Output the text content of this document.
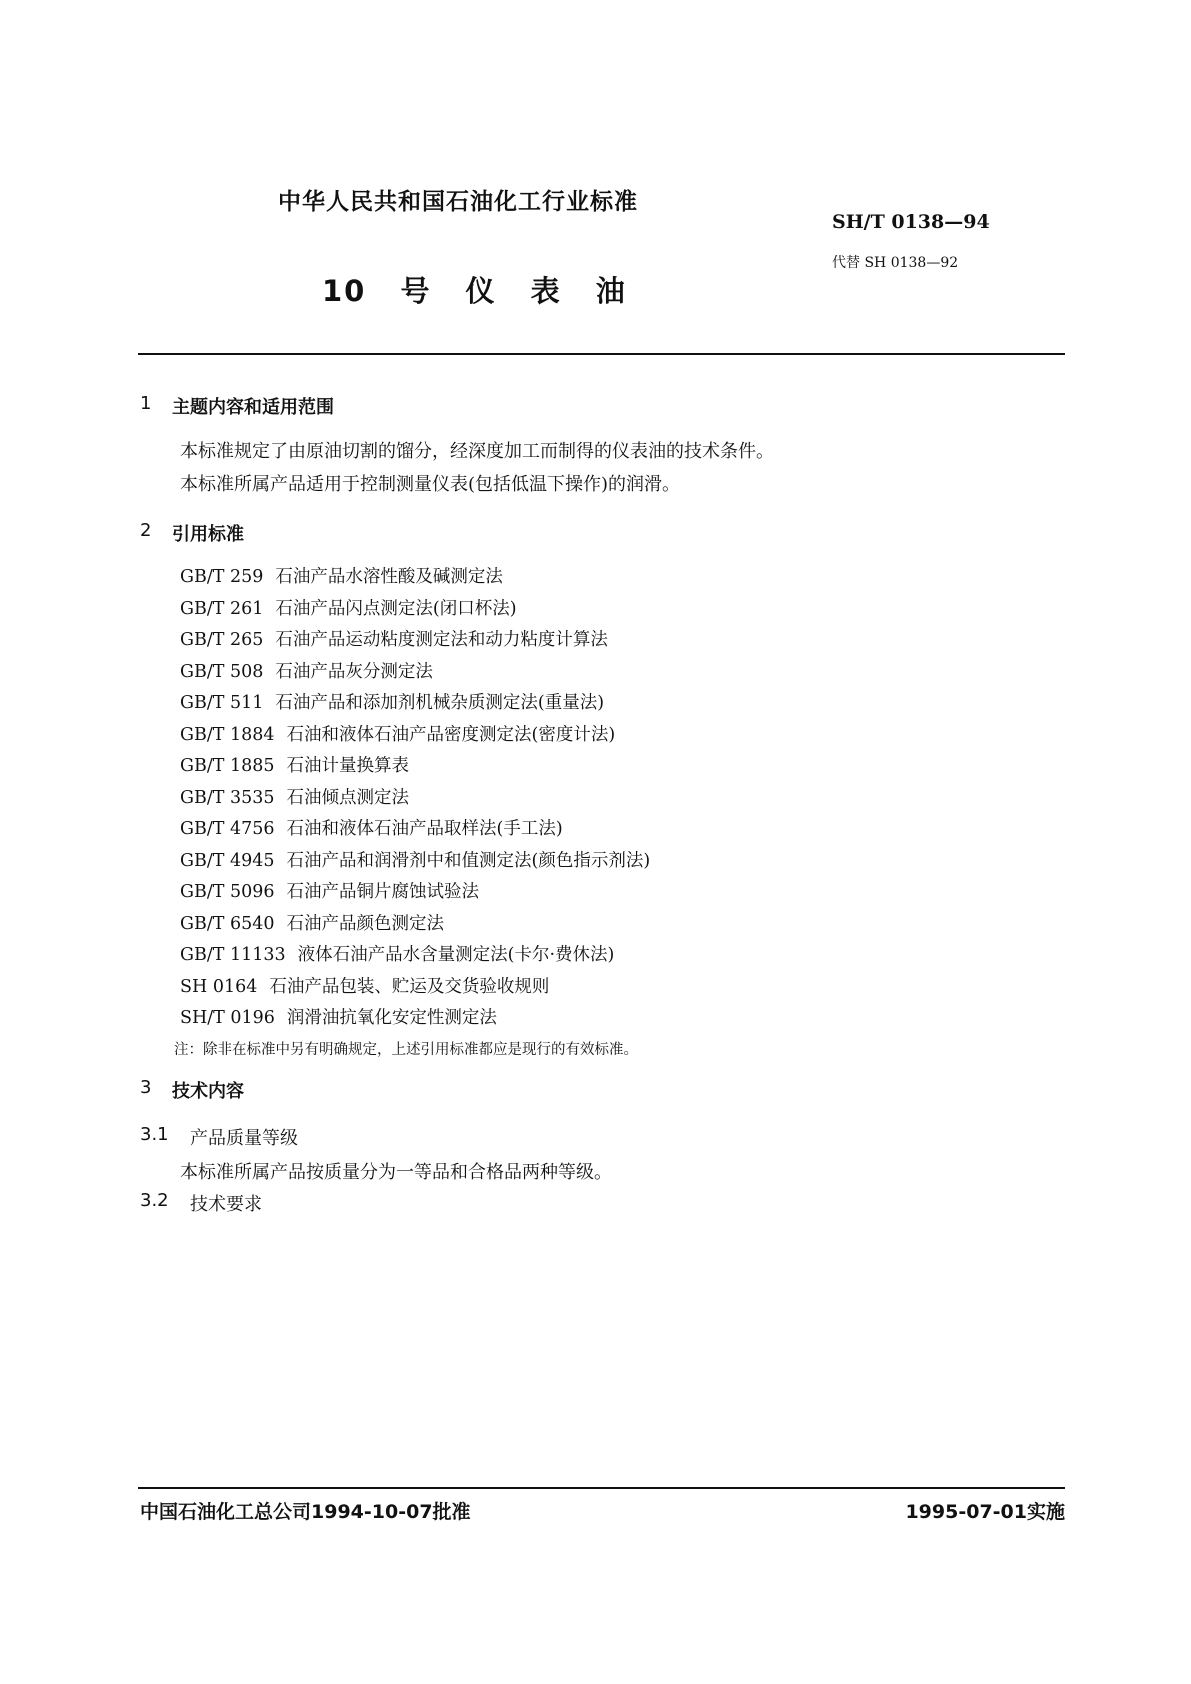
中华人民共和国石油化工行业标准
SH/T 0138—94
代替 SH 0138—92
10 号 仪 表 油
1 主题内容和适用范围
本标准规定了由原油切割的馏分，经深度加工而制得的仪表油的技术条件。
本标准所属产品适用于控制测量仪表(包括低温下操作)的润滑。
2 引用标准
GB/T 259 石油产品水溶性酸及碱测定法
GB/T 261 石油产品闪点测定法(闭口杯法)
GB/T 265 石油产品运动粘度测定法和动力粘度计算法
GB/T 508 石油产品灰分测定法
GB/T 511 石油产品和添加剂机械杂质测定法(重量法)
GB/T 1884 石油和液体石油产品密度测定法(密度计法)
GB/T 1885 石油计量换算表
GB/T 3535 石油倾点测定法
GB/T 4756 石油和液体石油产品取样法(手工法)
GB/T 4945 石油产品和润滑剂中和值测定法(颜色指示剂法)
GB/T 5096 石油产品铜片腐蚀试验法
GB/T 6540 石油产品颜色测定法
GB/T 11133 液体石油产品水含量测定法(卡尔·费休法)
SH 0164 石油产品包装、贮运及交货验收规则
SH/T 0196 润滑油抗氧化安定性测定法
注：除非在标准中另有明确规定，上述引用标准都应是现行的有效标准。
3 技术内容
3.1 产品质量等级
本标准所属产品按质量分为一等品和合格品两种等级。
3.2 技术要求
中国石油化工总公司1994-10-07批准	1995-07-01实施
